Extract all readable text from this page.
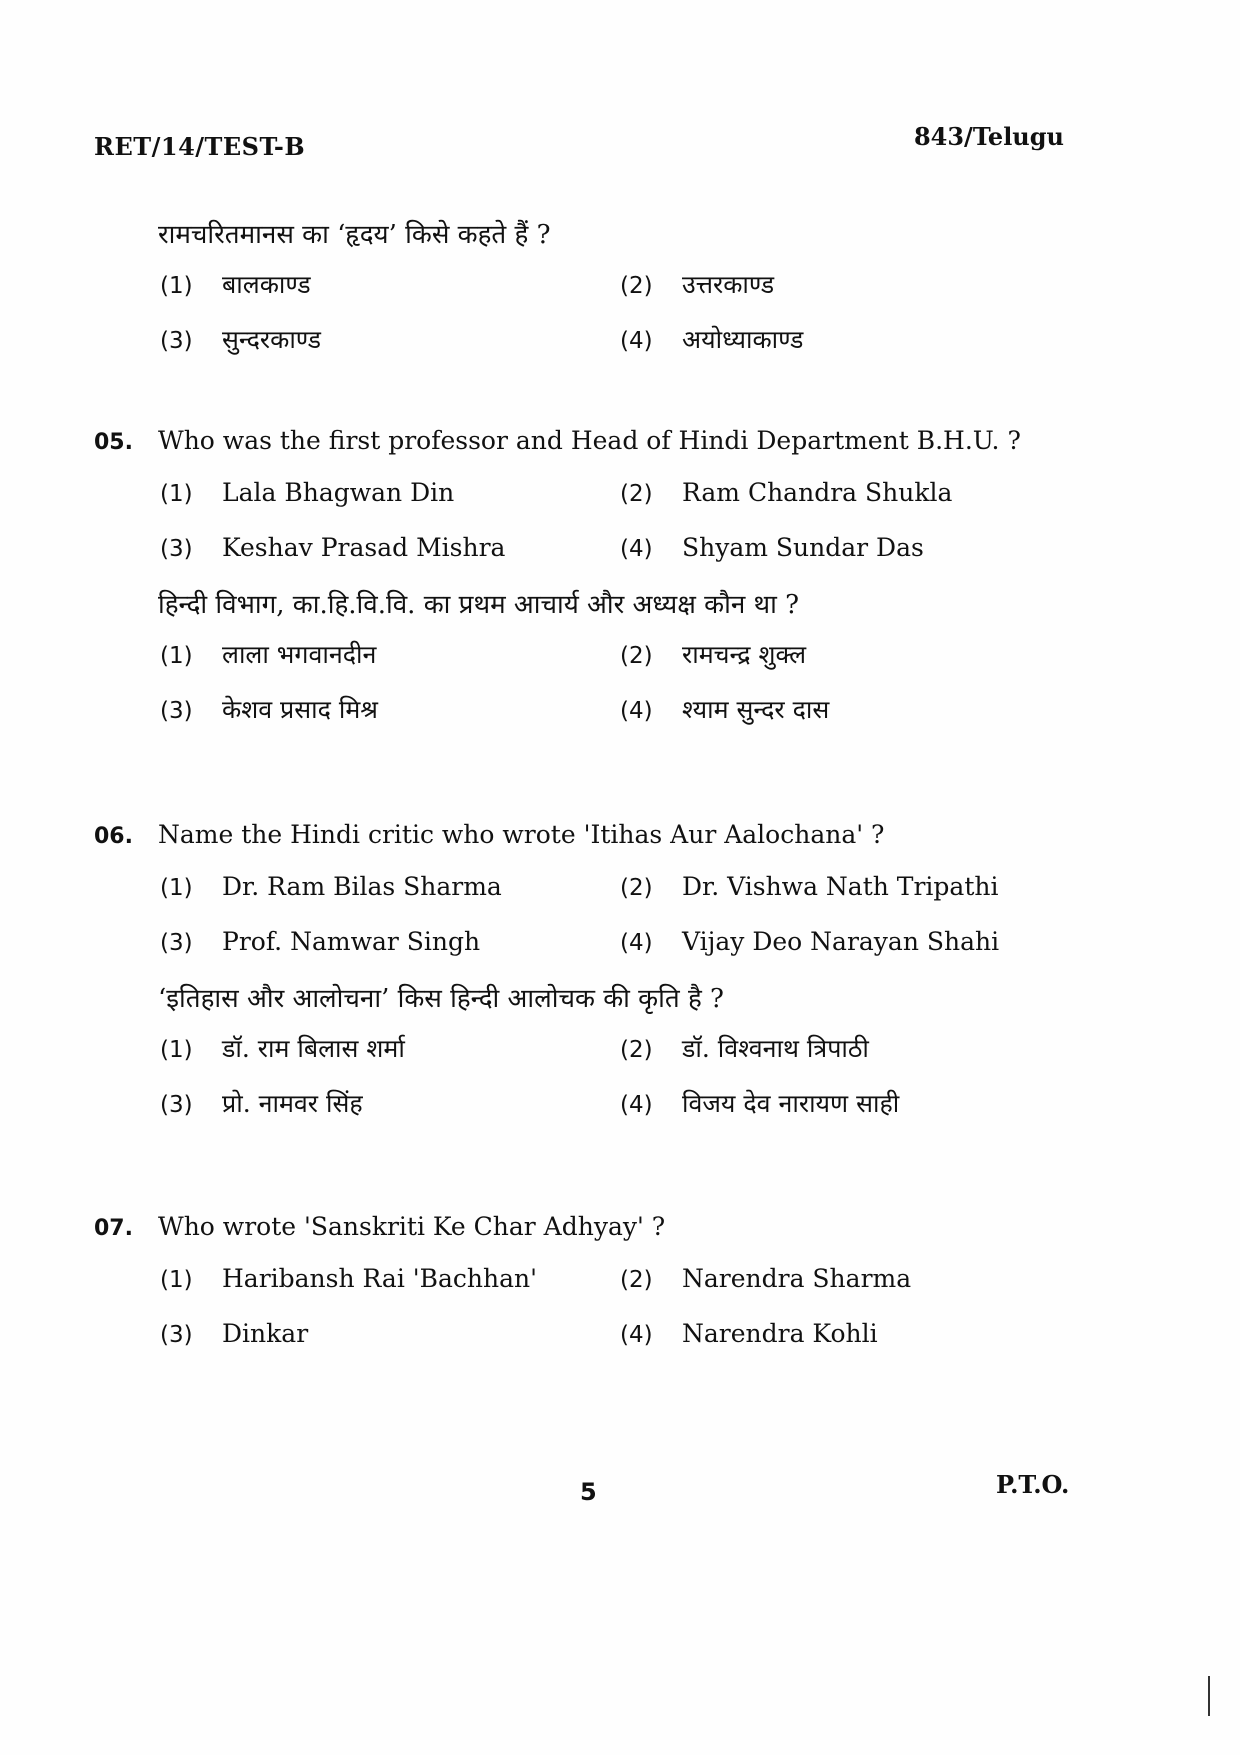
RET/14/TEST-B	843/Telugu
रामचरितमानस का ‘हृदय’ किसे कहते हैं ?
(1) बालकाण्ड	(2) उत्तरकाण्ड
(3) सुन्दरकाण्ड	(4) अयोध्याकाण्ड
05. Who was the first professor and Head of Hindi Department B.H.U. ?
(1) Lala Bhagwan Din	(2) Ram Chandra Shukla
(3) Keshav Prasad Mishra	(4) Shyam Sundar Das
हिन्दी विभाग, का.हि.वि.वि. का प्रथम आचार्य और अध्यक्ष कौन था ?
(1) लाला भगवानदीन	(2) रामचन्द्र शुक्ल
(3) केशव प्रसाद मिश्र	(4) श्याम सुन्दर दास
06. Name the Hindi critic who wrote 'Itihas Aur Aalochana' ?
(1) Dr. Ram Bilas Sharma	(2) Dr. Vishwa Nath Tripathi
(3) Prof. Namwar Singh	(4) Vijay Deo Narayan Shahi
‘इतिहास और आलोचना’ किस हिन्दी आलोचक की कृति है ?
(1) डॉ. राम बिलास शर्मा	(2) डॉ. विश्वनाथ त्रिपाठी
(3) प्रो. नामवर सिंह	(4) विजय देव नारायण साही
07. Who wrote 'Sanskriti Ke Char Adhyay' ?
(1) Haribansh Rai 'Bachhan'	(2) Narendra Sharma
(3) Dinkar	(4) Narendra Kohli
5	P.T.O.
